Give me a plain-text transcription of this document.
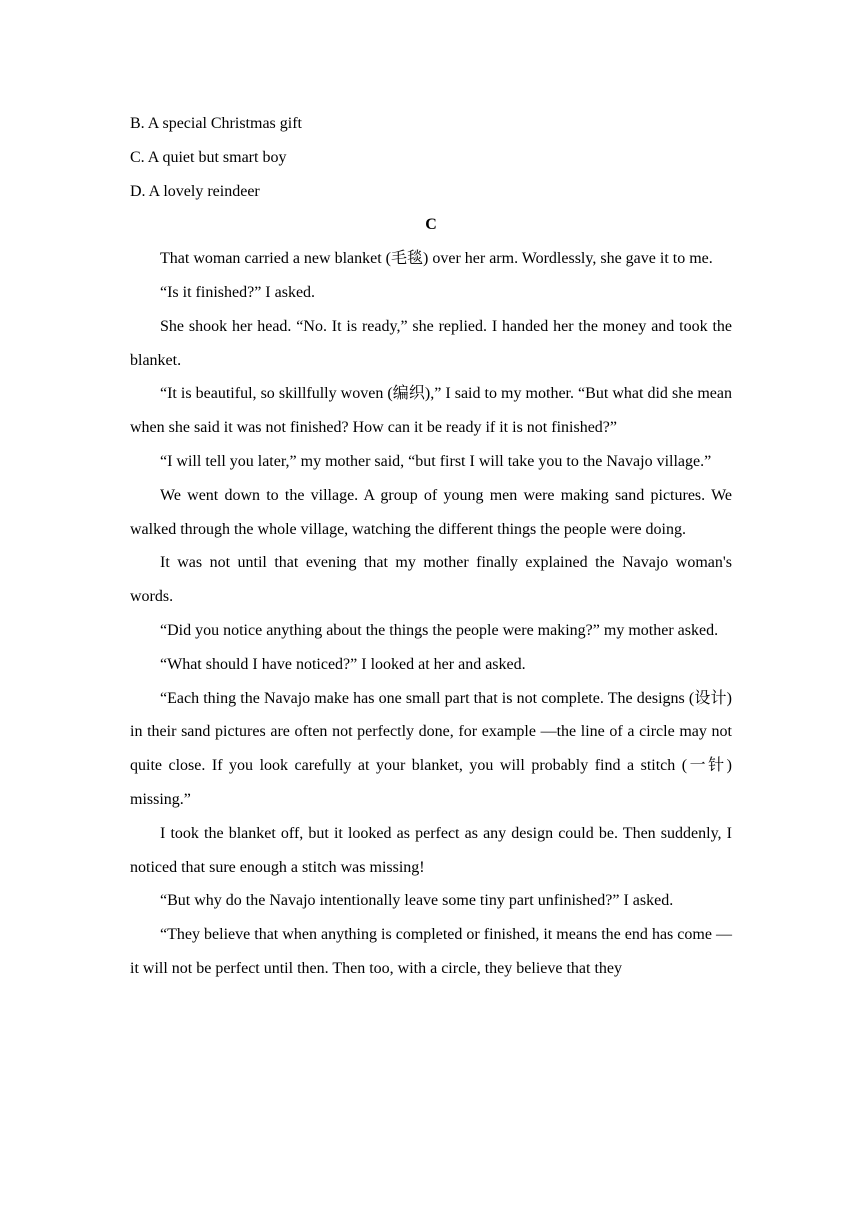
B. A special Christmas gift

C. A quiet but smart boy

D. A lovely reindeer

C

That woman carried a new blanket (毛毯) over her arm. Wordlessly, she gave it to me.

“Is it finished?” I asked.

She shook her head. “No. It is ready,” she replied. I handed her the money and took the blanket.

“It is beautiful, so skillfully woven (编织),” I said to my mother. “But what did she mean when she said it was not finished? How can it be ready if it is not finished?”

“I will tell you later,” my mother said, “but first I will take you to the Navajo village.”

We went down to the village. A group of young men were making sand pictures. We walked through the whole village, watching the different things the people were doing.

It was not until that evening that my mother finally explained the Navajo woman's words.

“Did you notice anything about the things the people were making?” my mother asked.

“What should I have noticed?” I looked at her and asked.

“Each thing the Navajo make has one small part that is not complete. The designs (设计) in their sand pictures are often not perfectly done, for example —the line of a circle may not quite close. If you look carefully at your blanket, you will probably find a stitch (一针) missing.”

I took the blanket off, but it looked as perfect as any design could be. Then suddenly, I noticed that sure enough a stitch was missing!

“But why do the Navajo intentionally leave some tiny part unfinished?” I asked.

“They believe that when anything is completed or finished, it means the end has come — it will not be perfect until then. Then too, with a circle, they believe that they
